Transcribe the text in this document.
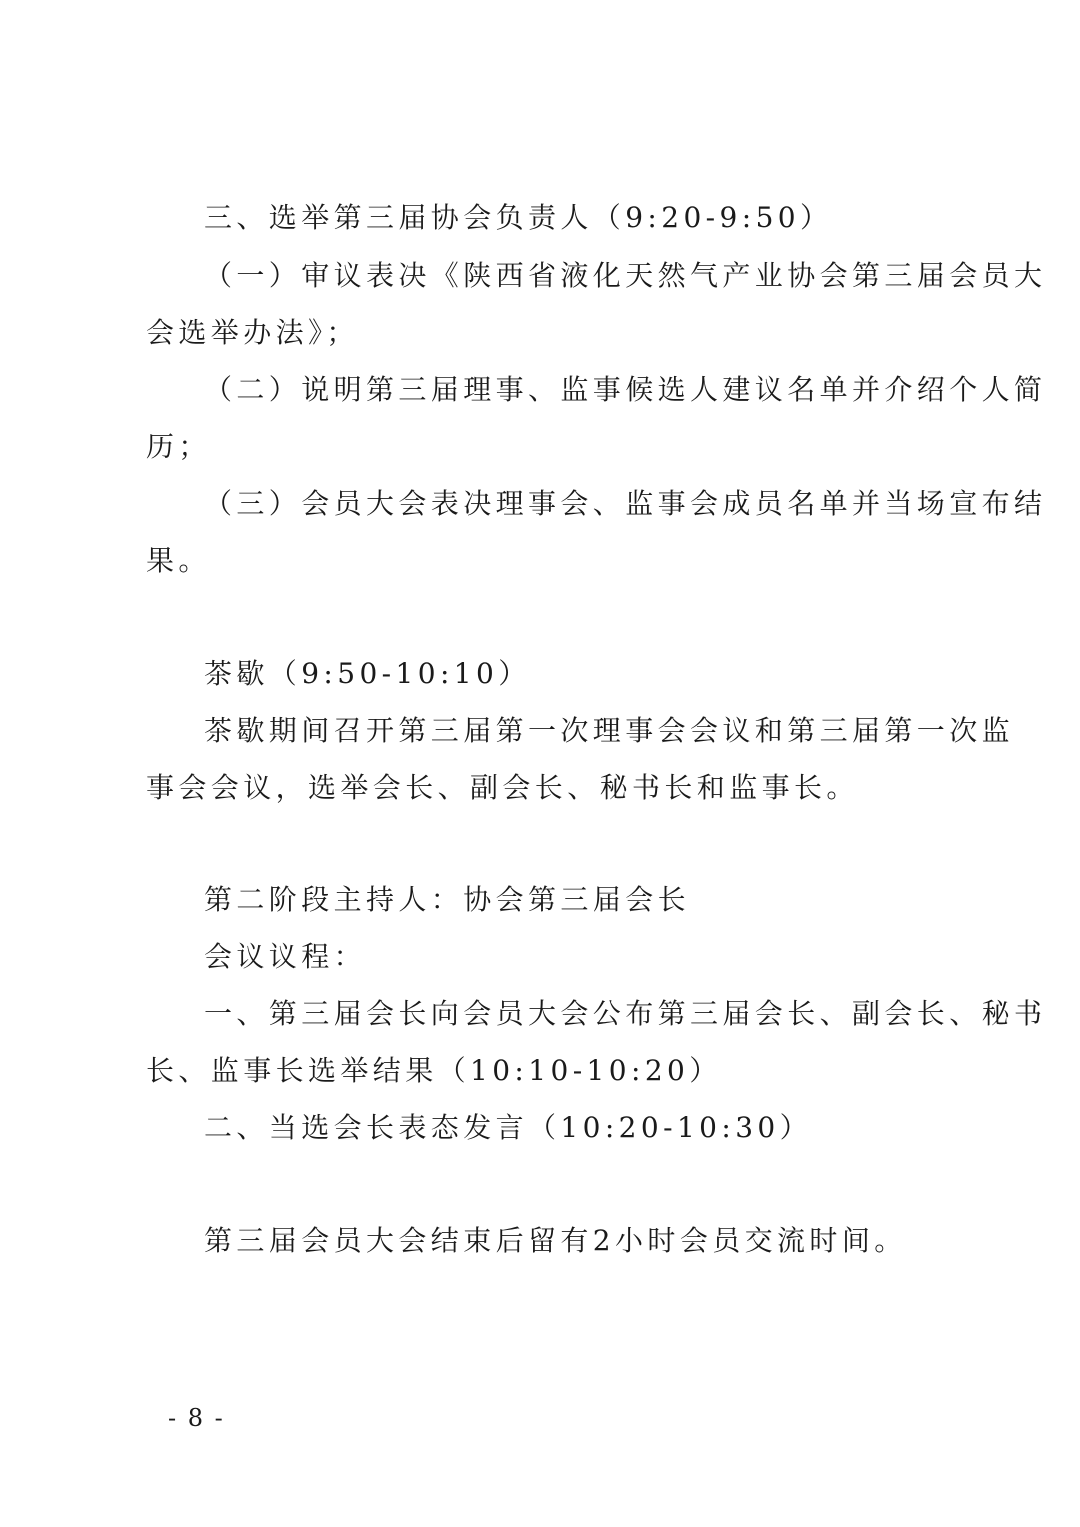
三、选举第三届协会负责人（9:20-9:50）
（一）审议表决《陕西省液化天然气产业协会第三届会员大
会选举办法》；
（二）说明第三届理事、监事候选人建议名单并介绍个人简
历；
（三）会员大会表决理事会、监事会成员名单并当场宣布结
果。
茶歇（9:50-10:10）
茶歇期间召开第三届第一次理事会会议和第三届第一次监
事会会议，选举会长、副会长、秘书长和监事长。
第二阶段主持人：协会第三届会长
会议议程：
一、第三届会长向会员大会公布第三届会长、副会长、秘书
长、监事长选举结果（10:10-10:20）
二、当选会长表态发言（10:20-10:30）
第三届会员大会结束后留有2小时会员交流时间。
- 8 -
